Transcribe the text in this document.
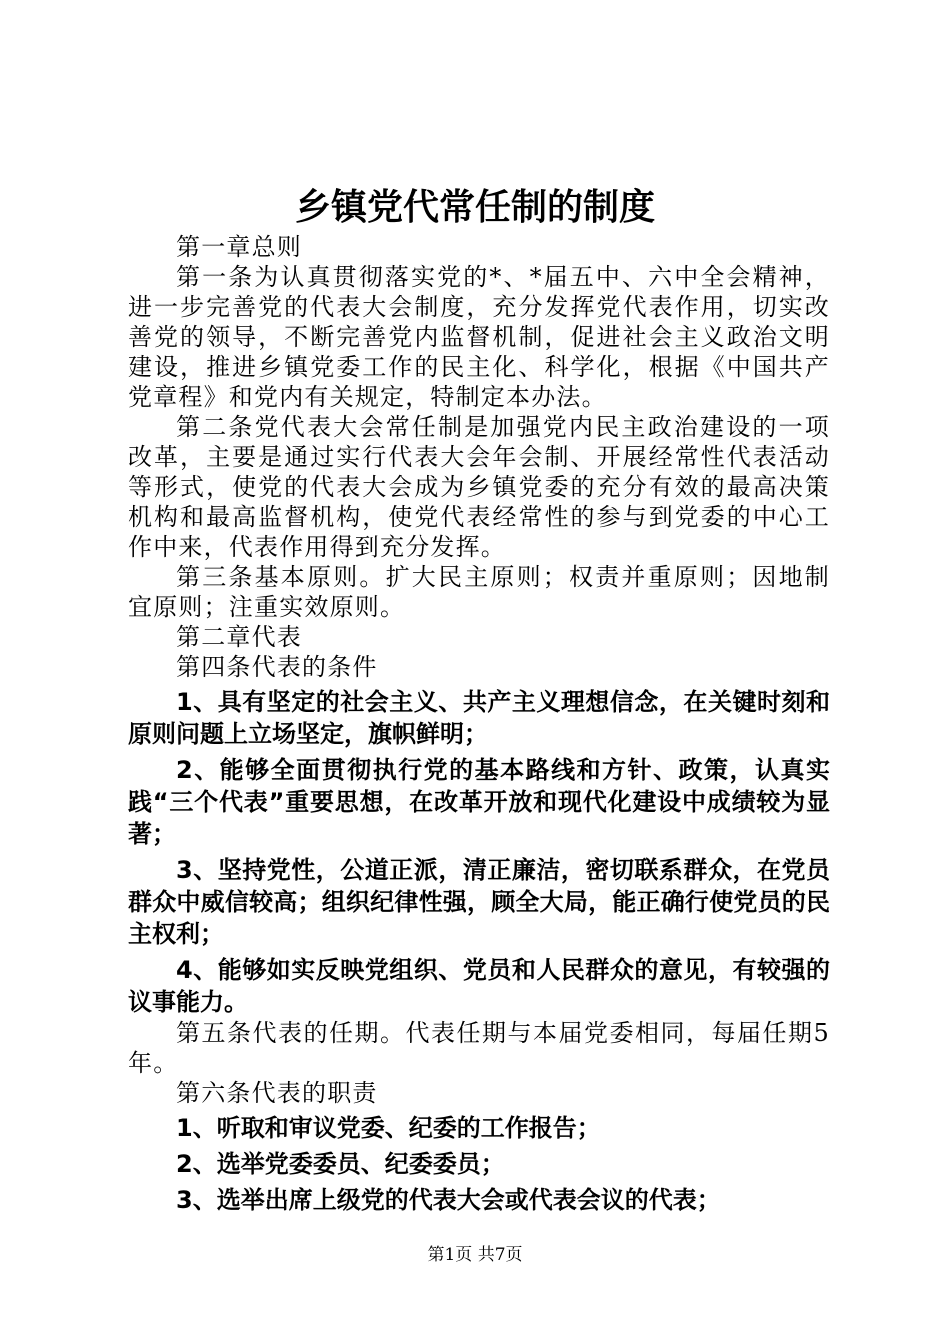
乡镇党代常任制的制度

第一章总则

第一条为认真贯彻落实党的*、*届五中、六中全会精神，进一步完善党的代表大会制度，充分发挥党代表作用，切实改善党的领导，不断完善党内监督机制，促进社会主义政治文明建设，推进乡镇党委工作的民主化、科学化，根据《中国共产党章程》和党内有关规定，特制定本办法。

第二条党代表大会常任制是加强党内民主政治建设的一项改革，主要是通过实行代表大会年会制、开展经常性代表活动等形式，使党的代表大会成为乡镇党委的充分有效的最高决策机构和最高监督机构，使党代表经常性的参与到党委的中心工作中来，代表作用得到充分发挥。

第三条基本原则。扩大民主原则；权责并重原则；因地制宜原则；注重实效原则。

第二章代表

第四条代表的条件

1、具有坚定的社会主义、共产主义理想信念，在关键时刻和原则问题上立场坚定，旗帜鲜明；

2、能够全面贯彻执行党的基本路线和方针、政策，认真实践“三个代表”重要思想，在改革开放和现代化建设中成绩较为显著；

3、坚持党性，公道正派，清正廉洁，密切联系群众，在党员群众中威信较高；组织纪律性强，顾全大局，能正确行使党员的民主权利；

4、能够如实反映党组织、党员和人民群众的意见，有较强的议事能力。

第五条代表的任期。代表任期与本届党委相同，每届任期5年。

第六条代表的职责

1、听取和审议党委、纪委的工作报告；

2、选举党委委员、纪委委员；

3、选举出席上级党的代表大会或代表会议的代表；

第1页 共7页
